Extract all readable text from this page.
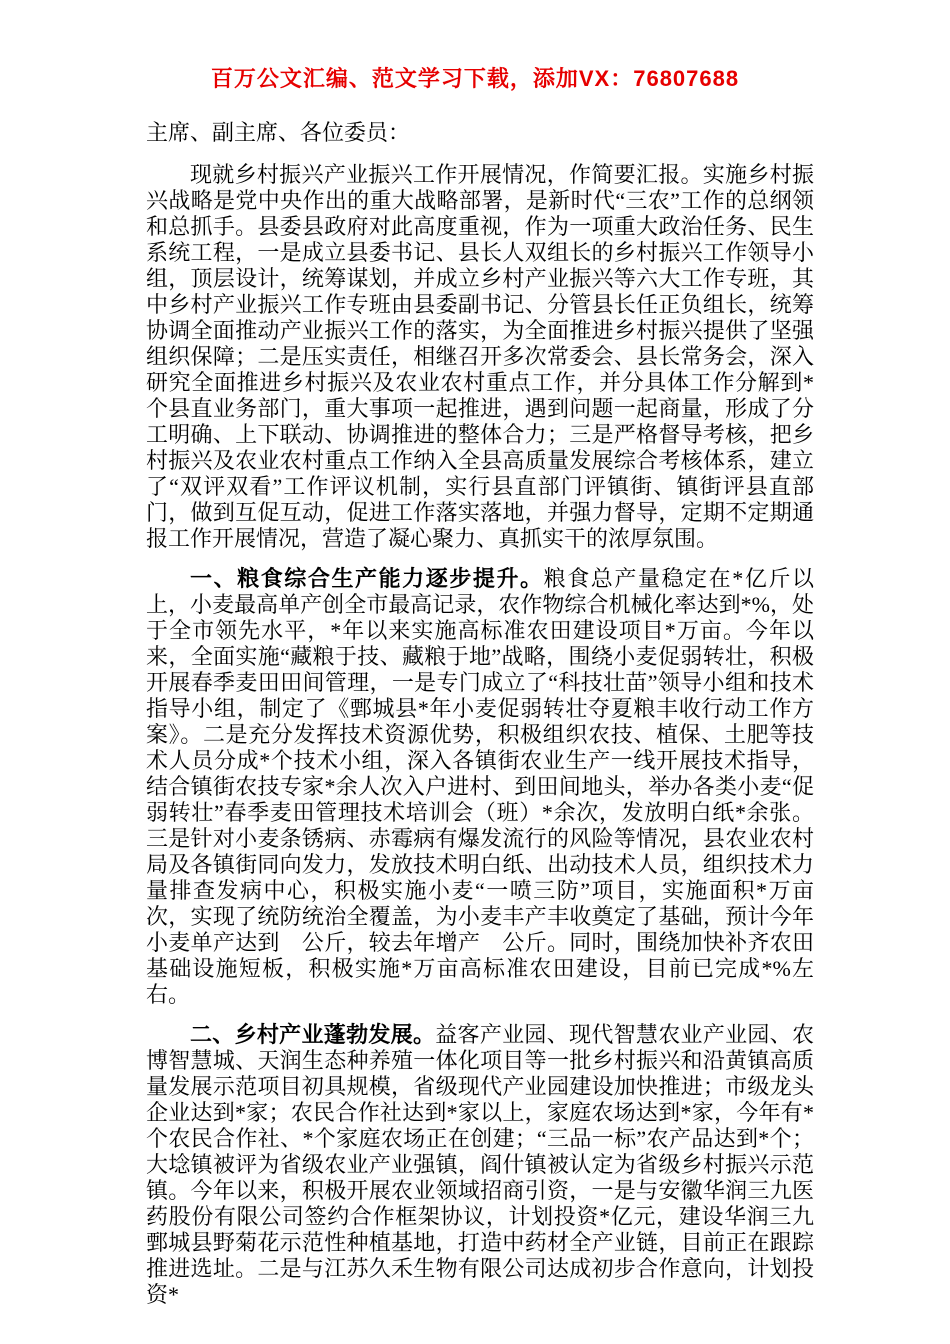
百万公文汇编、范文学习下载，添加VX：76807688

主席、副主席、各位委员：

现就乡村振兴产业振兴工作开展情况，作简要汇报。实施乡村振兴战略是党中央作出的重大战略部署，是新时代“三农”工作的总纲领和总抓手。县委县政府对此高度重视，作为一项重大政治任务、民生系统工程，一是成立县委书记、县长人双组长的乡村振兴工作领导小组，顶层设计，统筹谋划，并成立乡村产业振兴等六大工作专班，其中乡村产业振兴工作专班由县委副书记、分管县长任正负组长，统筹协调全面推动产业振兴工作的落实，为全面推进乡村振兴提供了坚强组织保障；二是压实责任，相继召开多次常委会、县长常务会，深入研究全面推进乡村振兴及农业农村重点工作，并分具体工作分解到*个县直业务部门，重大事项一起推进，遇到问题一起商量，形成了分工明确、上下联动、协调推进的整体合力；三是严格督导考核，把乡村振兴及农业农村重点工作纳入全县高质量发展综合考核体系，建立了“双评双看”工作评议机制，实行县直部门评镇街、镇街评县直部门，做到互促互动，促进工作落实落地，并强力督导，定期不定期通报工作开展情况，营造了凝心聚力、真抓实干的浓厚氛围。

一、粮食综合生产能力逐步提升。粮食总产量稳定在*亿斤以上，小麦最高单产创全市最高记录，农作物综合机械化率达到*%，处于全市领先水平，*年以来实施高标准农田建设项目*万亩。今年以来，全面实施“藏粮于技、藏粮于地”战略，围绕小麦促弱转壮，积极开展春季麦田田间管理，一是专门成立了“科技壮苗”领导小组和技术指导小组，制定了《鄄城县*年小麦促弱转壮夺夏粮丰收行动工作方案》。二是充分发挥技术资源优势，积极组织农技、植保、土肥等技术人员分成*个技术小组，深入各镇街农业生产一线开展技术指导，结合镇街农技专家*余人次入户进村、到田间地头，举办各类小麦“促弱转壮”春季麦田管理技术培训会（班）*余次，发放明白纸*余张。三是针对小麦条锈病、赤霉病有爆发流行的风险等情况，县农业农村局及各镇街同向发力，发放技术明白纸、出动技术人员，组织技术力量排查发病中心，积极实施小麦“一喷三防”项目，实施面积*万亩次，实现了统防统治全覆盖，为小麦丰产丰收奠定了基础，预计今年小麦单产达到　公斤，较去年增产　公斤。同时，围绕加快补齐农田基础设施短板，积极实施*万亩高标准农田建设，目前已完成*%左右。

二、乡村产业蓬勃发展。益客产业园、现代智慧农业产业园、农博智慧城、天润生态种养殖一体化项目等一批乡村振兴和沿黄镇高质量发展示范项目初具规模，省级现代产业园建设加快推进；市级龙头企业达到*家；农民合作社达到*家以上，家庭农场达到*家，今年有*个农民合作社、*个家庭农场正在创建；“三品一标”农产品达到*个；大埝镇被评为省级农业产业强镇，阎什镇被认定为省级乡村振兴示范镇。今年以来，积极开展农业领域招商引资，一是与安徽华润三九医药股份有限公司签约合作框架协议，计划投资*亿元，建设华润三九鄄城县野菊花示范性种植基地，打造中药材全产业链，目前正在跟踪推进选址。二是与江苏久禾生物有限公司达成初步合作意向，计划投资*
